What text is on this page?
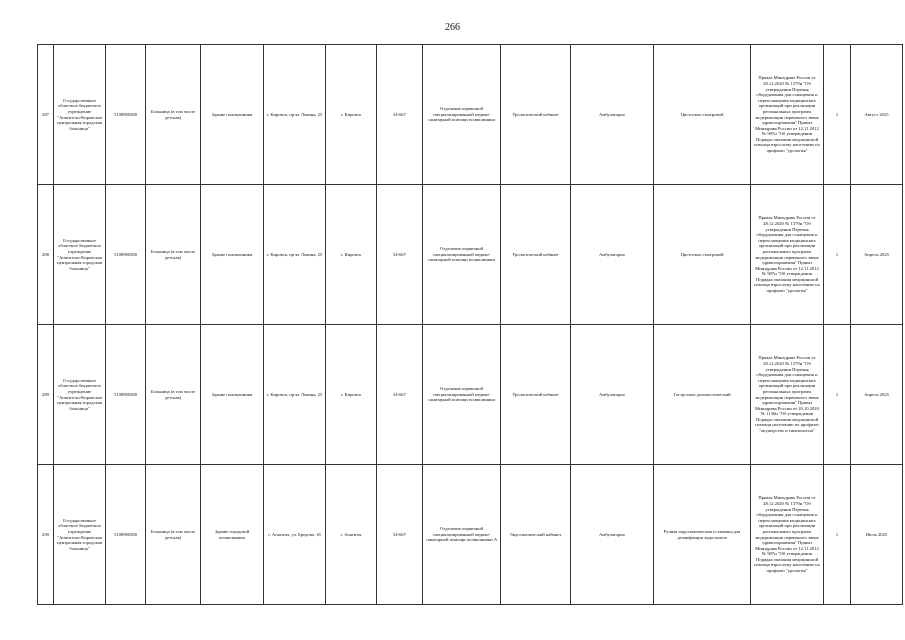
266
287	Государственное областное бюджетное учреждение "Апатитско-Кировская центральная городская больница"	5108900280	Больница (в том числе детская)	Здание поликлиники	г. Кировск, пр-кт Ленина, 25	г. Кировск	54-667	Отделение первичной специализированной медико-санитарной помощи поликлиники	Урологический кабинет	Амбулаторно	Цистоскоп смотровой	Приказ Минздрава России от 28.12.2020 № 1379н "Об утверждении Перечня оборудования для оснащения и переоснащения медицинских организаций при реализации региональных программ модернизации первичного звена здравоохранения" Приказ Минздрава России от 12.11.2012 № 907н "Об утверждении Порядка оказания медицинской помощи взрослому населению по профилю "урология"	1	Август 2025
288	Государственное областное бюджетное учреждение "Апатитско-Кировская центральная городская больница"	5108900280	Больница (в том числе детская)	Здание поликлиники	г. Кировск, пр-кт Ленина, 25	г. Кировск	54-667	Отделение первичной специализированной медико-санитарной помощи поликлиники	Урологический кабинет	Амбулаторно	Цистоскоп смотровой	Приказ Минздрава России от 28.12.2020 № 1379н "Об утверждении Перечня оборудования для оснащения и переоснащения медицинских организаций при реализации региональных программ модернизации первичного звена здравоохранения" Приказ Минздрава России от 12.11.2012 № 907н "Об утверждении Порядка оказания медицинской помощи взрослому населению по профилю "урология"	1	Апрель 2025
289	Государственное областное бюджетное учреждение "Апатитско-Кировская центральная городская больница"	5108900280	Больница (в том числе детская)	Здание поликлиники	г. Кировск, пр-кт Ленина, 25	г. Кировск	54-667	Отделение первичной специализированной медико-санитарной помощи поликлиники	Урологический кабинет	Амбулаторно	Гастроскоп диагностический	Приказ Минздрава России от 28.12.2020 № 1379н "Об утверждении Перечня оборудования для оснащения и переоснащения медицинских организаций при реализации региональных программ модернизации первичного звена здравоохранения" Приказ Минздрава России от 20.10.2020 № 1130н "Об утверждении Порядка оказания медицинской помощи населению по профилю "акушерство и гинекология"	1	Апрель 2025
290	Государственное областное бюджетное учреждение "Апатитско-Кировская центральная городская больница"	5108900280	Больница (в том числе детская)	Здание городской поликлиники	г. Апатиты, ул. Бредова, 18	г. Апатиты	54-667	Отделение первичной специализированной медико-санитарной помощи поликлиники А	Эндоскопический кабинет	Амбулаторно	Ручная эндоскопическая установка для дезинфекции эндоскопов	Приказ Минздрава России от 28.12.2020 № 1379н "Об утверждении Перечня оборудования для оснащения и переоснащения медицинских организаций при реализации региональных программ модернизации первичного звена здравоохранения" Приказ Минздрава России от 12.11.2012 № 907н "Об утверждении Порядка оказания медицинской помощи взрослому населению по профилю "урология"	1	Июль 2025
